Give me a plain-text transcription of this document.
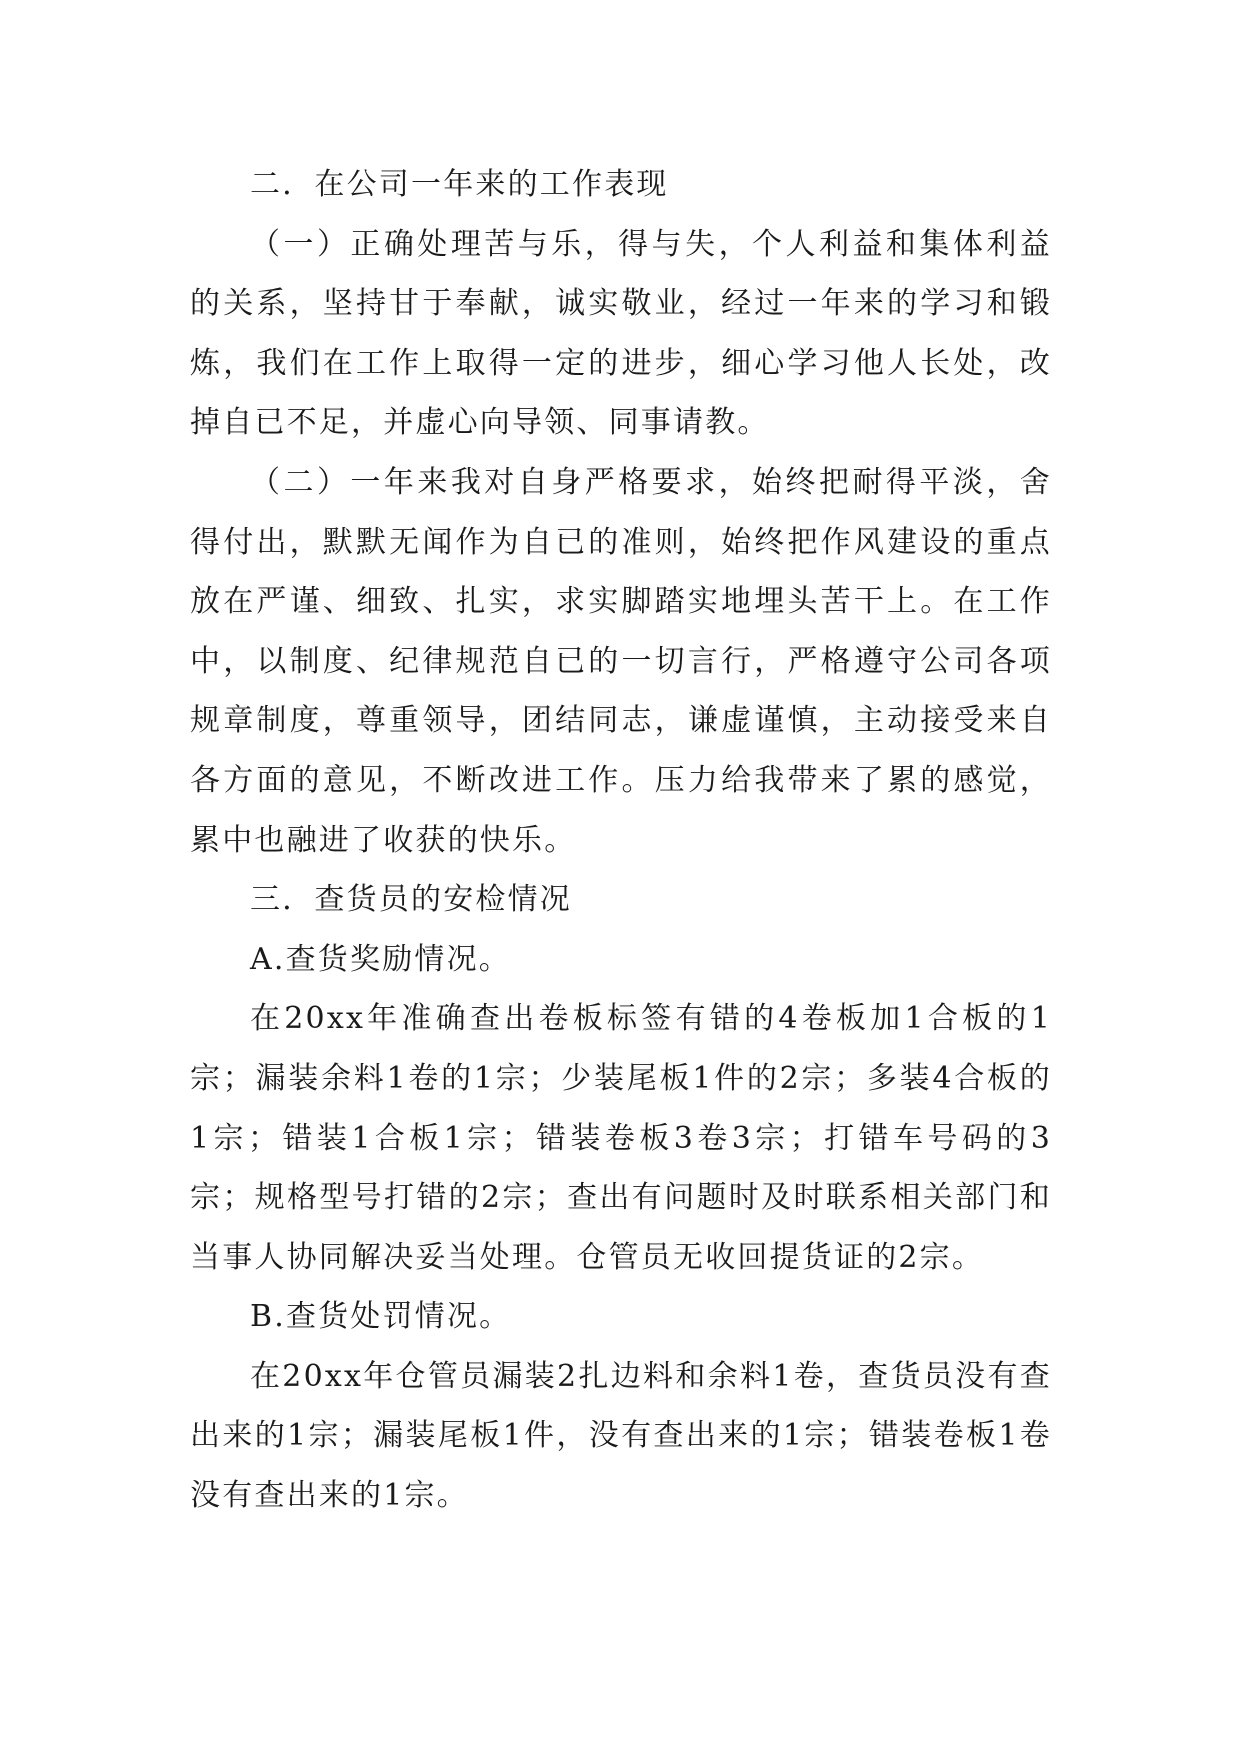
二．在公司一年来的工作表现

（一）正确处理苦与乐，得与失，个人利益和集体利益的关系，坚持甘于奉献，诚实敬业，经过一年来的学习和锻炼，我们在工作上取得一定的进步，细心学习他人长处，改掉自已不足，并虚心向导领、同事请教。

（二）一年来我对自身严格要求，始终把耐得平淡，舍得付出，默默无闻作为自已的准则，始终把作风建设的重点放在严谨、细致、扎实，求实脚踏实地埋头苦干上。在工作中，以制度、纪律规范自已的一切言行，严格遵守公司各项规章制度，尊重领导，团结同志，谦虚谨慎，主动接受来自各方面的意见，不断改进工作。压力给我带来了累的感觉，累中也融进了收获的快乐。

三．查货员的安检情况

A.查货奖励情况。

在20xx年准确查出卷板标签有错的4卷板加1合板的1宗；漏装余料1卷的1宗；少装尾板1件的2宗；多装4合板的1宗；错装1合板1宗；错装卷板3卷3宗；打错车号码的3宗；规格型号打错的2宗；查出有问题时及时联系相关部门和当事人协同解决妥当处理。仓管员无收回提货证的2宗。

B.查货处罚情况。

在20xx年仓管员漏装2扎边料和余料1卷，查货员没有查出来的1宗；漏装尾板1件，没有查出来的1宗；错装卷板1卷没有查出来的1宗。
